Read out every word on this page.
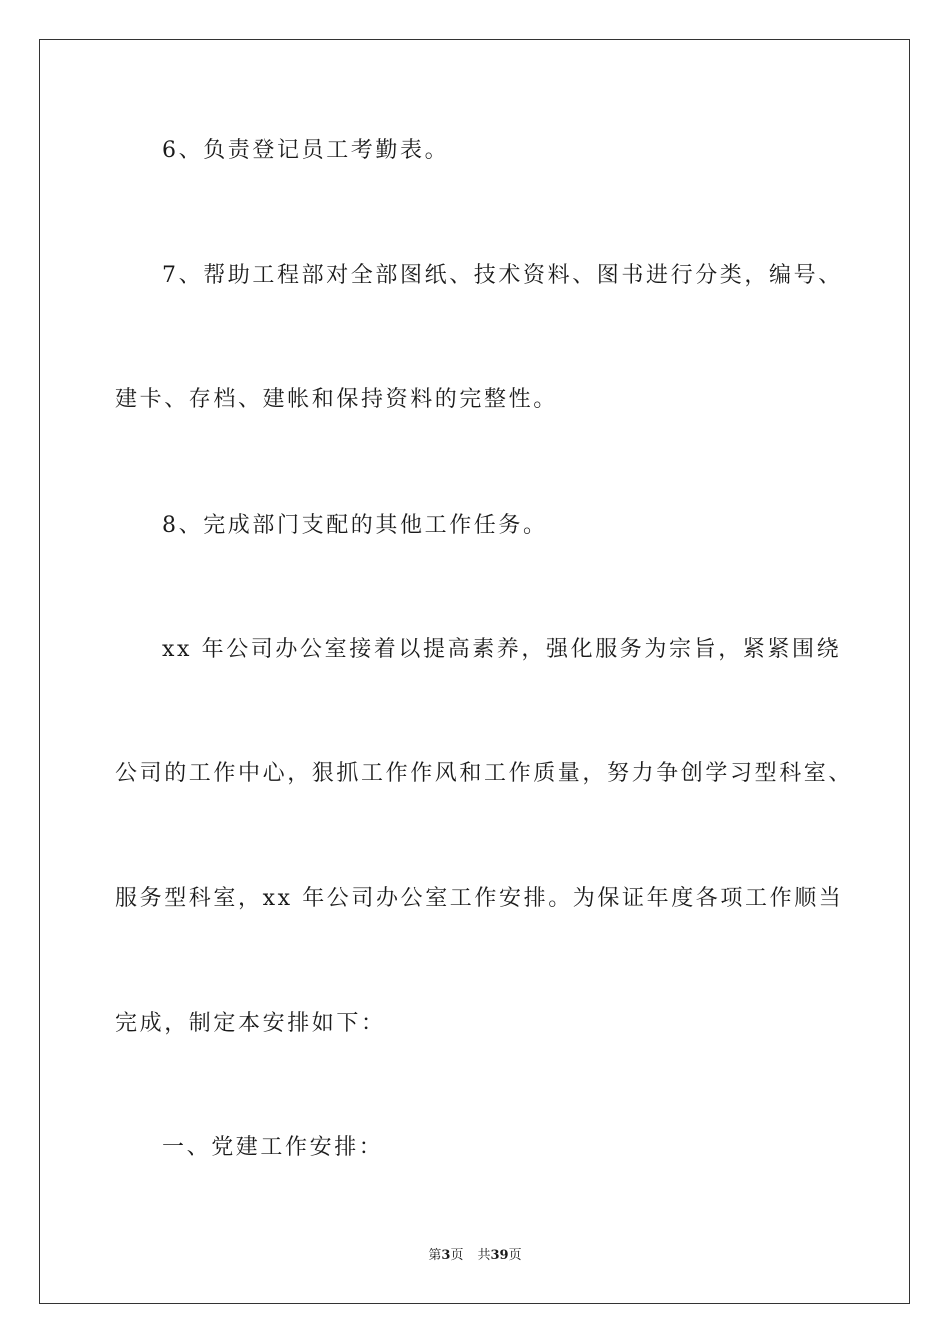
6、负责登记员工考勤表。
7、帮助工程部对全部图纸、技术资料、图书进行分类，编号、
建卡、存档、建帐和保持资料的完整性。
8、完成部门支配的其他工作任务。
xx 年公司办公室接着以提高素养，强化服务为宗旨，紧紧围绕
公司的工作中心，狠抓工作作风和工作质量，努力争创学习型科室、
服务型科室，xx 年公司办公室工作安排。为保证年度各项工作顺当
完成，制定本安排如下：
一、党建工作安排：
第3页 共39页
